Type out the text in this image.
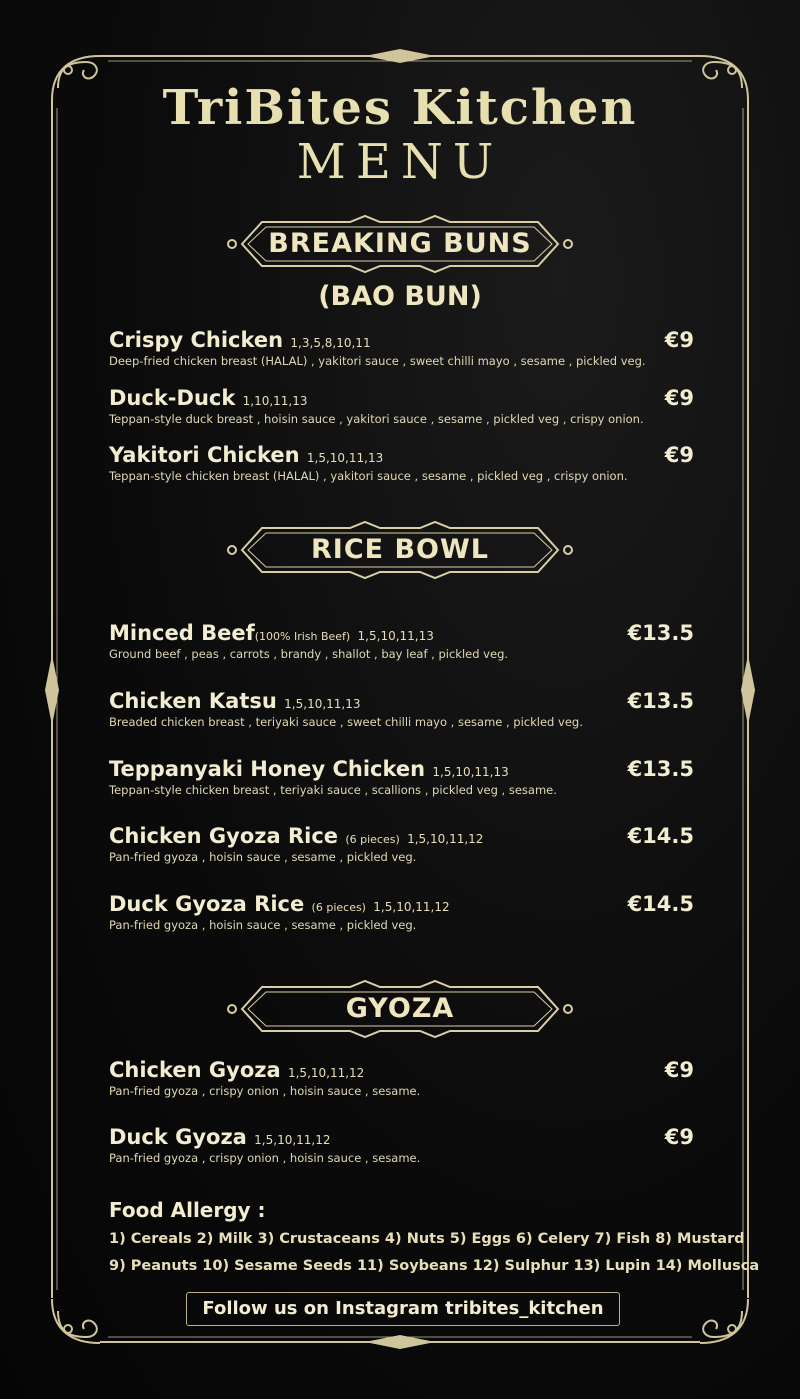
TriBites Kitchen
MENU
BREAKING BUNS
(BAO BUN)
Crispy Chicken 1,3,5,8,10,11
Deep-fried chicken breast (HALAL) , yakitori sauce , sweet chilli mayo , sesame , pickled veg.
€9
Duck-Duck 1,10,11,13
Teppan-style duck breast , hoisin sauce , yakitori sauce , sesame , pickled veg , crispy onion.
€9
Yakitori Chicken 1,5,10,11,13
Teppan-style chicken breast (HALAL) , yakitori sauce , sesame , pickled veg , crispy onion.
€9
RICE BOWL
Minced Beef(100% Irish Beef) 1,5,10,11,13
Ground beef , peas , carrots , brandy , shallot , bay leaf , pickled veg.
€13.5
Chicken Katsu 1,5,10,11,13
Breaded chicken breast , teriyaki sauce , sweet chilli mayo , sesame , pickled veg.
€13.5
Teppanyaki Honey Chicken 1,5,10,11,13
Teppan-style chicken breast , teriyaki sauce , scallions , pickled veg , sesame.
€13.5
Chicken Gyoza Rice (6 pieces) 1,5,10,11,12
Pan-fried gyoza , hoisin sauce , sesame , pickled veg.
€14.5
Duck Gyoza Rice (6 pieces) 1,5,10,11,12
Pan-fried gyoza , hoisin sauce , sesame , pickled veg.
€14.5
GYOZA
Chicken Gyoza 1,5,10,11,12
Pan-fried gyoza , crispy onion , hoisin sauce , sesame.
€9
Duck Gyoza 1,5,10,11,12
Pan-fried gyoza , crispy onion , hoisin sauce , sesame.
€9
Food Allergy :
1) Cereals 2) Milk 3) Crustaceans 4) Nuts 5) Eggs 6) Celery 7) Fish 8) Mustard
9) Peanuts 10) Sesame Seeds 11) Soybeans 12) Sulphur 13) Lupin 14) Mollusca
Follow us on Instagram tribites_kitchen
